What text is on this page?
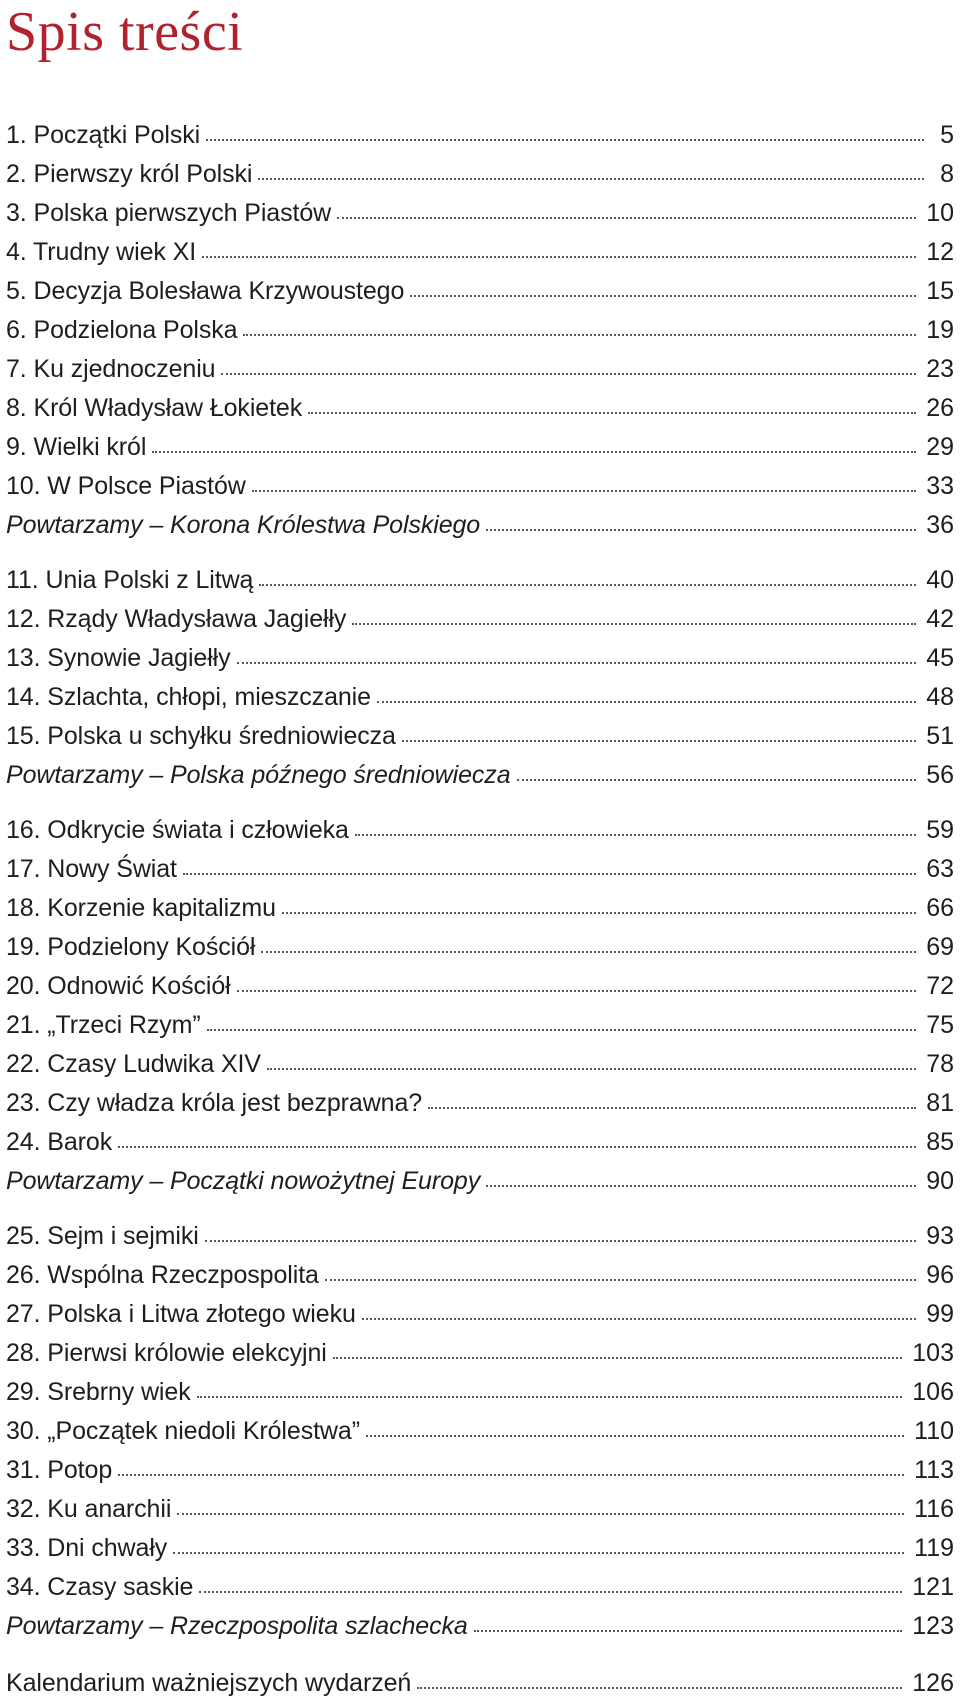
Spis treści
1. Początki Polski	5
2. Pierwszy król Polski	8
3. Polska pierwszych Piastów	10
4. Trudny wiek XI	12
5. Decyzja Bolesława Krzywoustego	15
6. Podzielona Polska	19
7. Ku zjednoczeniu	23
8. Król Władysław Łokietek	26
9. Wielki król	29
10. W Polsce Piastów	33
Powtarzamy – Korona Królestwa Polskiego	36
11. Unia Polski z Litwą	40
12. Rządy Władysława Jagiełły	42
13. Synowie Jagiełły	45
14. Szlachta, chłopi, mieszczanie	48
15. Polska u schyłku średniowiecza	51
Powtarzamy – Polska późnego średniowiecza	56
16. Odkrycie świata i człowieka	59
17. Nowy Świat	63
18. Korzenie kapitalizmu	66
19. Podzielony Kościół	69
20. Odnowić Kościół	72
21. „Trzeci Rzym”	75
22. Czasy Ludwika XIV	78
23. Czy władza króla jest bezprawna?	81
24. Barok	85
Powtarzamy – Początki nowożytnej Europy	90
25. Sejm i sejmiki	93
26. Wspólna Rzeczpospolita	96
27. Polska i Litwa złotego wieku	99
28. Pierwsi królowie elekcyjni	103
29. Srebrny wiek	106
30. „Początek niedoli Królestwa”	110
31. Potop	113
32. Ku anarchii	116
33. Dni chwały	119
34. Czasy saskie	121
Powtarzamy – Rzeczpospolita szlachecka	123
Kalendarium ważniejszych wydarzeń	126
